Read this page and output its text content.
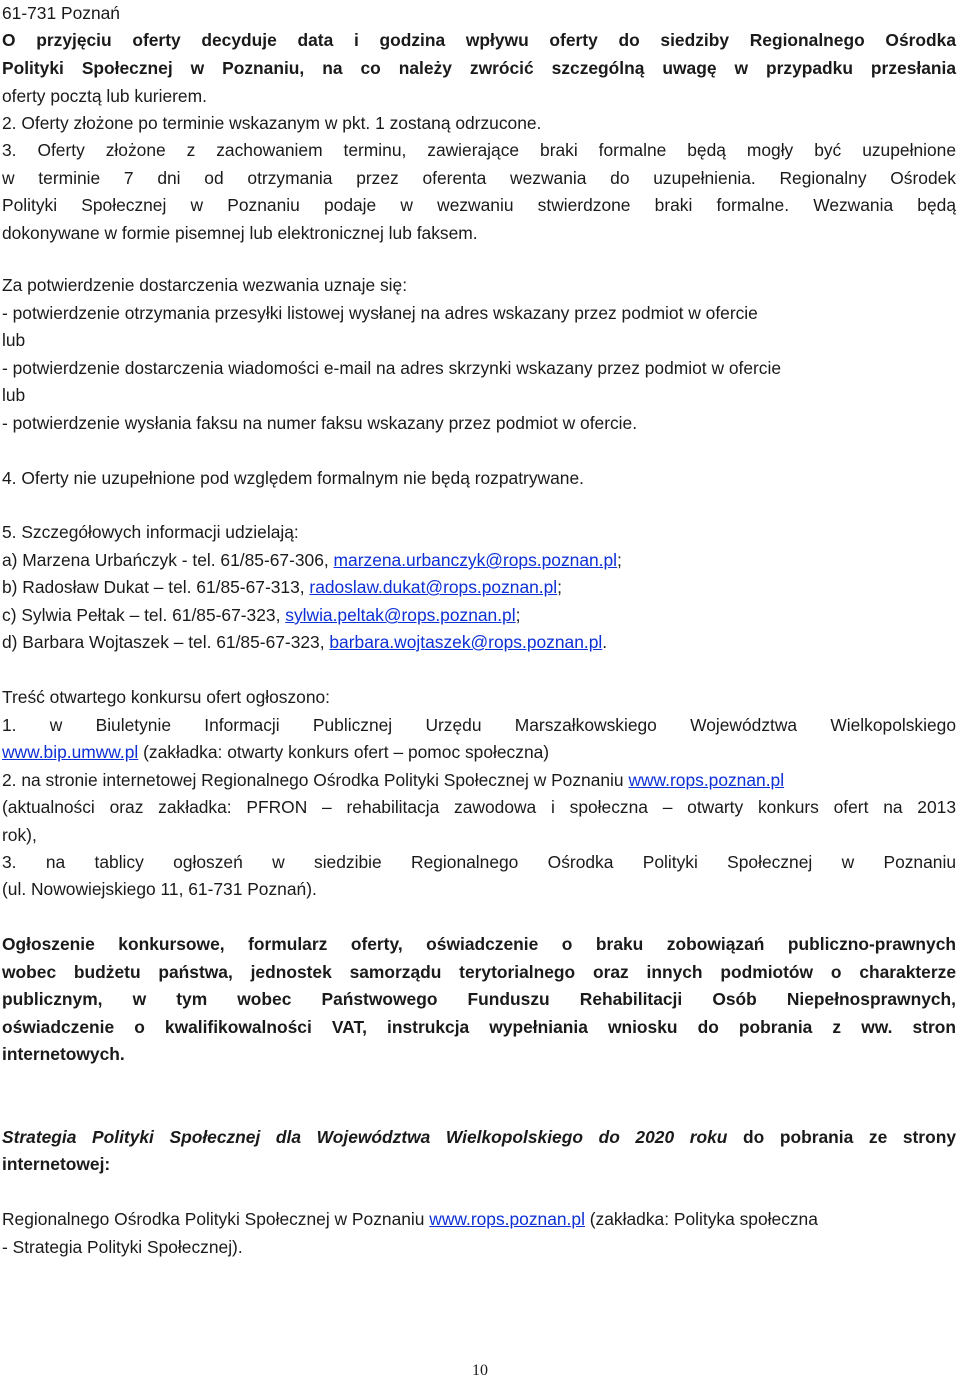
61-731 Poznań
O przyjęciu oferty decyduje data i godzina wpływu oferty do siedziby Regionalnego Ośrodka
Polityki Społecznej w Poznaniu, na co należy zwrócić szczególną uwagę w przypadku przesłania
oferty pocztą lub kurierem.
2. Oferty złożone po terminie wskazanym w pkt. 1 zostaną odrzucone.
3. Oferty złożone z zachowaniem terminu, zawierające braki formalne będą mogły być uzupełnione
w terminie 7 dni od otrzymania przez oferenta wezwania do uzupełnienia. Regionalny Ośrodek
Polityki Społecznej w Poznaniu podaje w wezwaniu stwierdzone braki formalne. Wezwania będą
dokonywane w formie pisemnej lub elektronicznej lub faksem.
Za potwierdzenie dostarczenia wezwania uznaje się:
- potwierdzenie otrzymania przesyłki listowej wysłanej na adres wskazany przez podmiot w ofercie
lub
- potwierdzenie dostarczenia wiadomości e-mail na adres skrzynki wskazany przez podmiot w ofercie
lub
- potwierdzenie wysłania faksu na numer faksu wskazany przez podmiot w ofercie.
4. Oferty nie uzupełnione pod względem formalnym nie będą rozpatrywane.
5. Szczegółowych informacji udzielają:
a) Marzena Urbańczyk - tel. 61/85-67-306, marzena.urbanczyk@rops.poznan.pl;
b) Radosław Dukat – tel. 61/85-67-313, radoslaw.dukat@rops.poznan.pl;
c) Sylwia Pełtak – tel. 61/85-67-323, sylwia.peltak@rops.poznan.pl;
d) Barbara Wojtaszek – tel. 61/85-67-323, barbara.wojtaszek@rops.poznan.pl.
Treść otwartego konkursu ofert ogłoszono:
1. w Biuletynie Informacji Publicznej Urzędu Marszałkowskiego Województwa Wielkopolskiego
www.bip.umww.pl (zakładka: otwarty konkurs ofert – pomoc społeczna)
2. na stronie internetowej Regionalnego Ośrodka Polityki Społecznej w Poznaniu www.rops.poznan.pl
(aktualności oraz zakładka: PFRON – rehabilitacja zawodowa i społeczna – otwarty konkurs ofert na 2013
rok),
3. na tablicy ogłoszeń w siedzibie Regionalnego Ośrodka Polityki Społecznej w Poznaniu
(ul. Nowowiejskiego 11, 61-731 Poznań).
Ogłoszenie konkursowe, formularz oferty, oświadczenie o braku zobowiązań publiczno-prawnych
wobec budżetu państwa, jednostek samorządu terytorialnego oraz innych podmiotów o charakterze
publicznym, w tym wobec Państwowego Funduszu Rehabilitacji Osób Niepełnosprawnych,
oświadczenie o kwalifikowalności VAT, instrukcja wypełniania wniosku do pobrania z ww. stron
internetowych.
Strategia Polityki Społecznej dla Województwa Wielkopolskiego do 2020 roku do pobrania ze strony
internetowej:
Regionalnego Ośrodka Polityki Społecznej w Poznaniu www.rops.poznan.pl (zakładka: Polityka społeczna
- Strategia Polityki Społecznej).
10
